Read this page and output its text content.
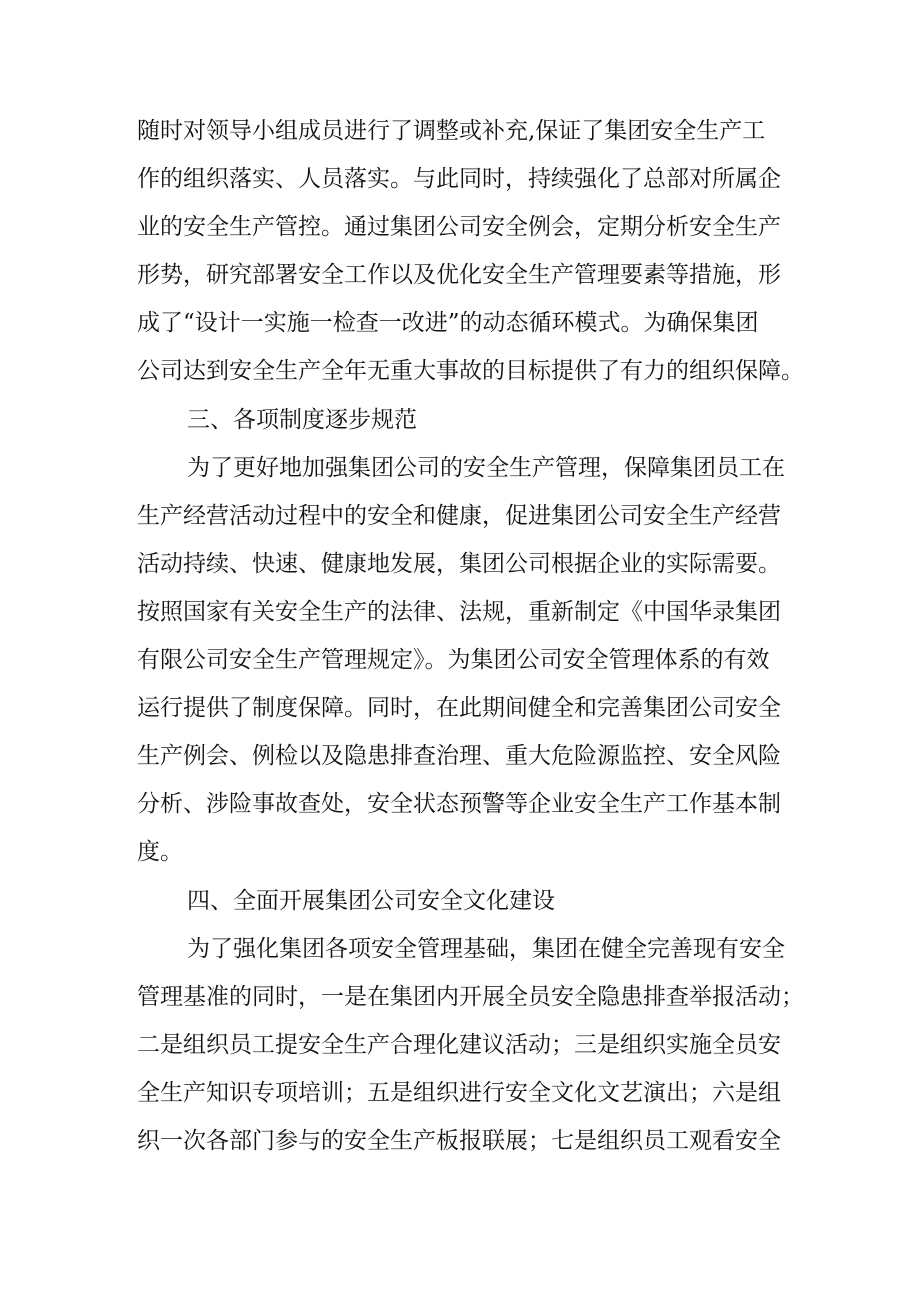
随时对领导小组成员进行了调整或补充,保证了集团安全生产工
作的组织落实、人员落实。与此同时，持续强化了总部对所属企
业的安全生产管控。通过集团公司安全例会，定期分析安全生产
形势，研究部署安全工作以及优化安全生产管理要素等措施，形
成了“设计一实施一检查一改进”的动态循环模式。为确保集团
公司达到安全生产全年无重大事故的目标提供了有力的组织保障。
三、各项制度逐步规范
为了更好地加强集团公司的安全生产管理，保障集团员工在
生产经营活动过程中的安全和健康，促进集团公司安全生产经营
活动持续、快速、健康地发展，集团公司根据企业的实际需要。
按照国家有关安全生产的法律、法规，重新制定《中国华录集团
有限公司安全生产管理规定》。为集团公司安全管理体系的有效
运行提供了制度保障。同时，在此期间健全和完善集团公司安全
生产例会、例检以及隐患排查治理、重大危险源监控、安全风险
分析、涉险事故查处，安全状态预警等企业安全生产工作基本制
度。
四、全面开展集团公司安全文化建设
为了强化集团各项安全管理基础，集团在健全完善现有安全
管理基准的同时，一是在集团内开展全员安全隐患排查举报活动；
二是组织员工提安全生产合理化建议活动；三是组织实施全员安
全生产知识专项培训；五是组织进行安全文化文艺演出；六是组
织一次各部门参与的安全生产板报联展；七是组织员工观看安全
